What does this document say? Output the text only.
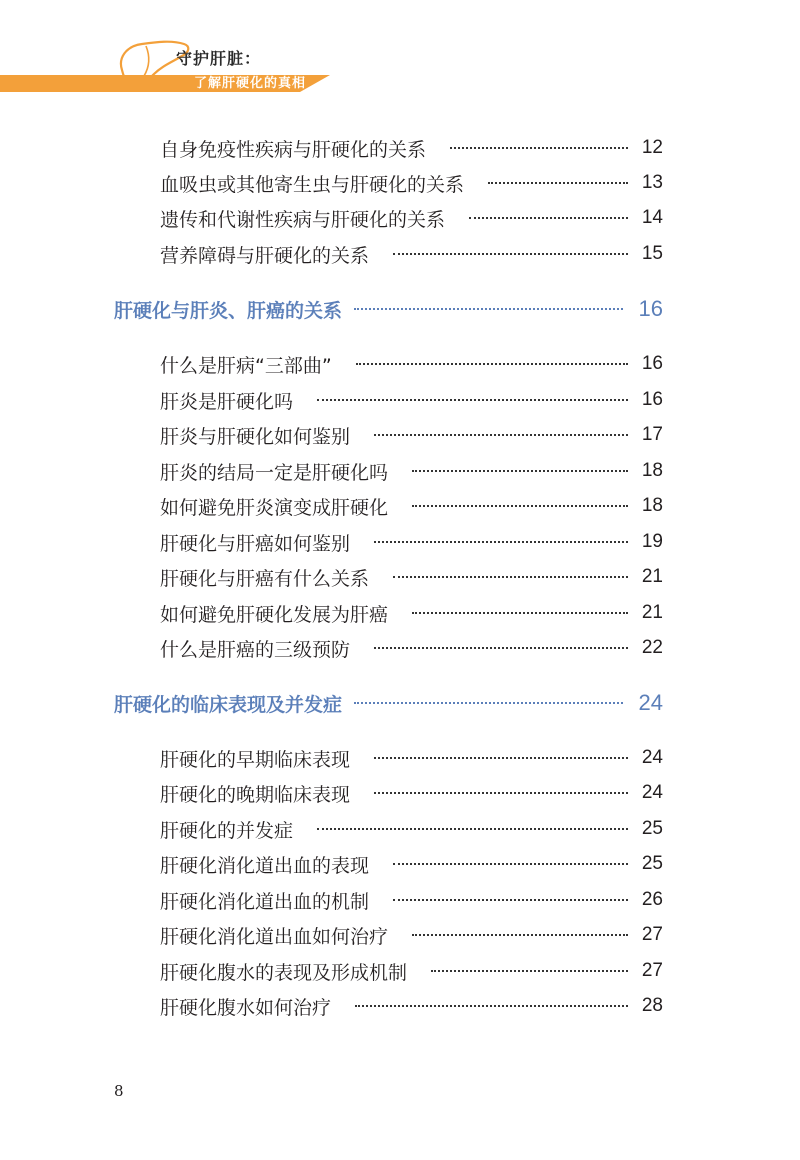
守护肝脏：
了解肝硬化的真相
自身免疫性疾病与肝硬化的关系	12
血吸虫或其他寄生虫与肝硬化的关系	13
遗传和代谢性疾病与肝硬化的关系	14
营养障碍与肝硬化的关系	15
肝硬化与肝炎、肝癌的关系	16
什么是肝病“三部曲”	16
肝炎是肝硬化吗	16
肝炎与肝硬化如何鉴别	17
肝炎的结局一定是肝硬化吗	18
如何避免肝炎演变成肝硬化	18
肝硬化与肝癌如何鉴别	19
肝硬化与肝癌有什么关系	21
如何避免肝硬化发展为肝癌	21
什么是肝癌的三级预防	22
肝硬化的临床表现及并发症	24
肝硬化的早期临床表现	24
肝硬化的晚期临床表现	24
肝硬化的并发症	25
肝硬化消化道出血的表现	25
肝硬化消化道出血的机制	26
肝硬化消化道出血如何治疗	27
肝硬化腹水的表现及形成机制	27
肝硬化腹水如何治疗	28
8
